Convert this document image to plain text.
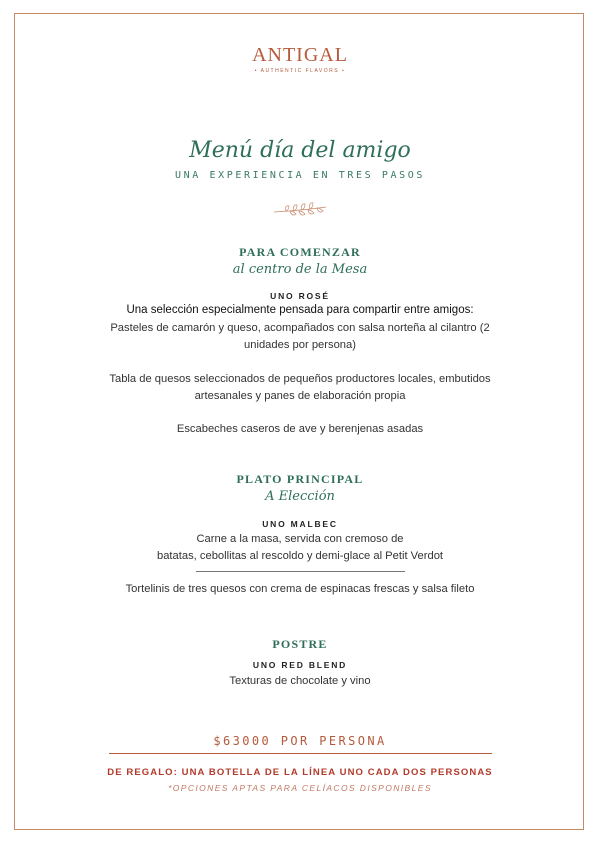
ANTIGAL
• AUTHENTIC FLAVORS •
Menú día del amigo
UNA EXPERIENCIA EN TRES PASOS
PARA COMENZAR
al centro de la Mesa
UNO ROSÉ
Una selección especialmente pensada para compartir entre amigos:
Pasteles de camarón y queso, acompañados con salsa norteña al cilantro (2
unidades por persona)
Tabla de quesos seleccionados de pequeños productores locales, embutidos
artesanales y panes de elaboración propia
Escabeches caseros de ave y berenjenas asadas
PLATO PRINCIPAL
A Elección
UNO MALBEC
Carne a la masa, servida con cremoso de
batatas, cebollitas al rescoldo y demi-glace al Petit Verdot
Tortelinis de tres quesos con crema de espinacas frescas y salsa fileto
POSTRE
UNO RED BLEND
Texturas de chocolate y vino
$63000 POR PERSONA
DE REGALO: UNA BOTELLA DE LA LÍNEA UNO CADA DOS PERSONAS
*OPCIONES APTAS PARA CELÍACOS DISPONIBLES
